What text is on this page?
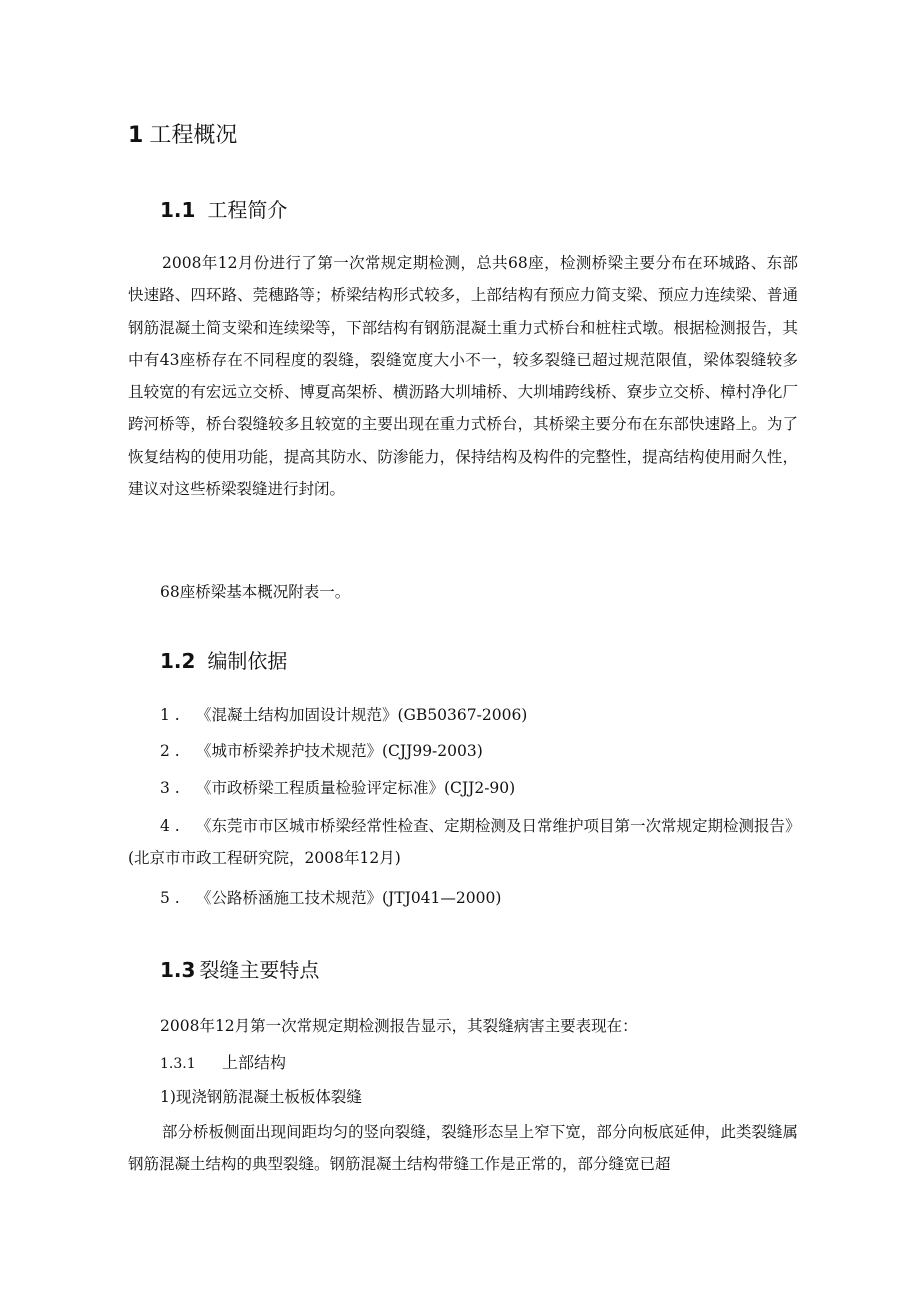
1 工程概况
1.1 工程简介
2008年12月份进行了第一次常规定期检测，总共68座，检测桥梁主要分布在环城路、东部快速路、四环路、莞穗路等；桥梁结构形式较多，上部结构有预应力简支梁、预应力连续梁、普通钢筋混凝土简支梁和连续梁等，下部结构有钢筋混凝土重力式桥台和桩柱式墩。根据检测报告，其中有43座桥存在不同程度的裂缝，裂缝宽度大小不一，较多裂缝已超过规范限值，梁体裂缝较多且较宽的有宏远立交桥、博夏高架桥、横沥路大圳埔桥、大圳埔跨线桥、寮步立交桥、樟村净化厂跨河桥等，桥台裂缝较多且较宽的主要出现在重力式桥台，其桥梁主要分布在东部快速路上。为了恢复结构的使用功能，提高其防水、防渗能力，保持结构及构件的完整性，提高结构使用耐久性，建议对这些桥梁裂缝进行封闭。
68座桥梁基本概况附表一。
1.2 编制依据
1 . 《混凝土结构加固设计规范》(GB50367-2006)
2 . 《城市桥梁养护技术规范》(CJJ99-2003)
3 . 《市政桥梁工程质量检验评定标准》(CJJ2-90)
4 . 《东莞市市区城市桥梁经常性检查、定期检测及日常维护项目第一次常规定期检测报告》(北京市市政工程研究院，2008年12月)
5 . 《公路桥涵施工技术规范》(JTJ041—2000)
1.3 裂缝主要特点
2008年12月第一次常规定期检测报告显示，其裂缝病害主要表现在：
1.3.1 上部结构
1)现浇钢筋混凝土板板体裂缝
部分桥板侧面出现间距均匀的竖向裂缝，裂缝形态呈上窄下宽，部分向板底延伸，此类裂缝属钢筋混凝土结构的典型裂缝。钢筋混凝土结构带缝工作是正常的，部分缝宽已超
